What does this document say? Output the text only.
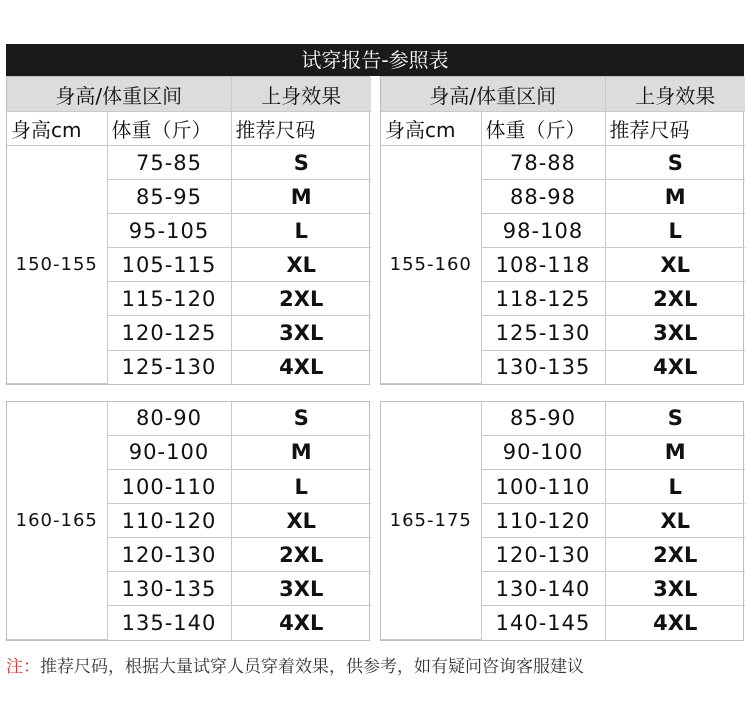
试穿报告-参照表
身高/体重区间		上身效果
身高cm	体重（斤）	推荐尺码
150-155	75-85	S
	85-95	M
	95-105	L
	105-115	XL
	115-120	2XL
	120-125	3XL
	125-130	4XL
身高/体重区间		上身效果
身高cm	体重（斤）	推荐尺码
155-160	78-88	S
	88-98	M
	98-108	L
	108-118	XL
	118-125	2XL
	125-130	3XL
	130-135	4XL
160-165	80-90	S
	90-100	M
	100-110	L
	110-120	XL
	120-130	2XL
	130-135	3XL
	135-140	4XL
165-175	85-90	S
	90-100	M
	100-110	L
	110-120	XL
	120-130	2XL
	130-140	3XL
	140-145	4XL
注：推荐尺码，根据大量试穿人员穿着效果，供参考，如有疑问咨询客服建议
